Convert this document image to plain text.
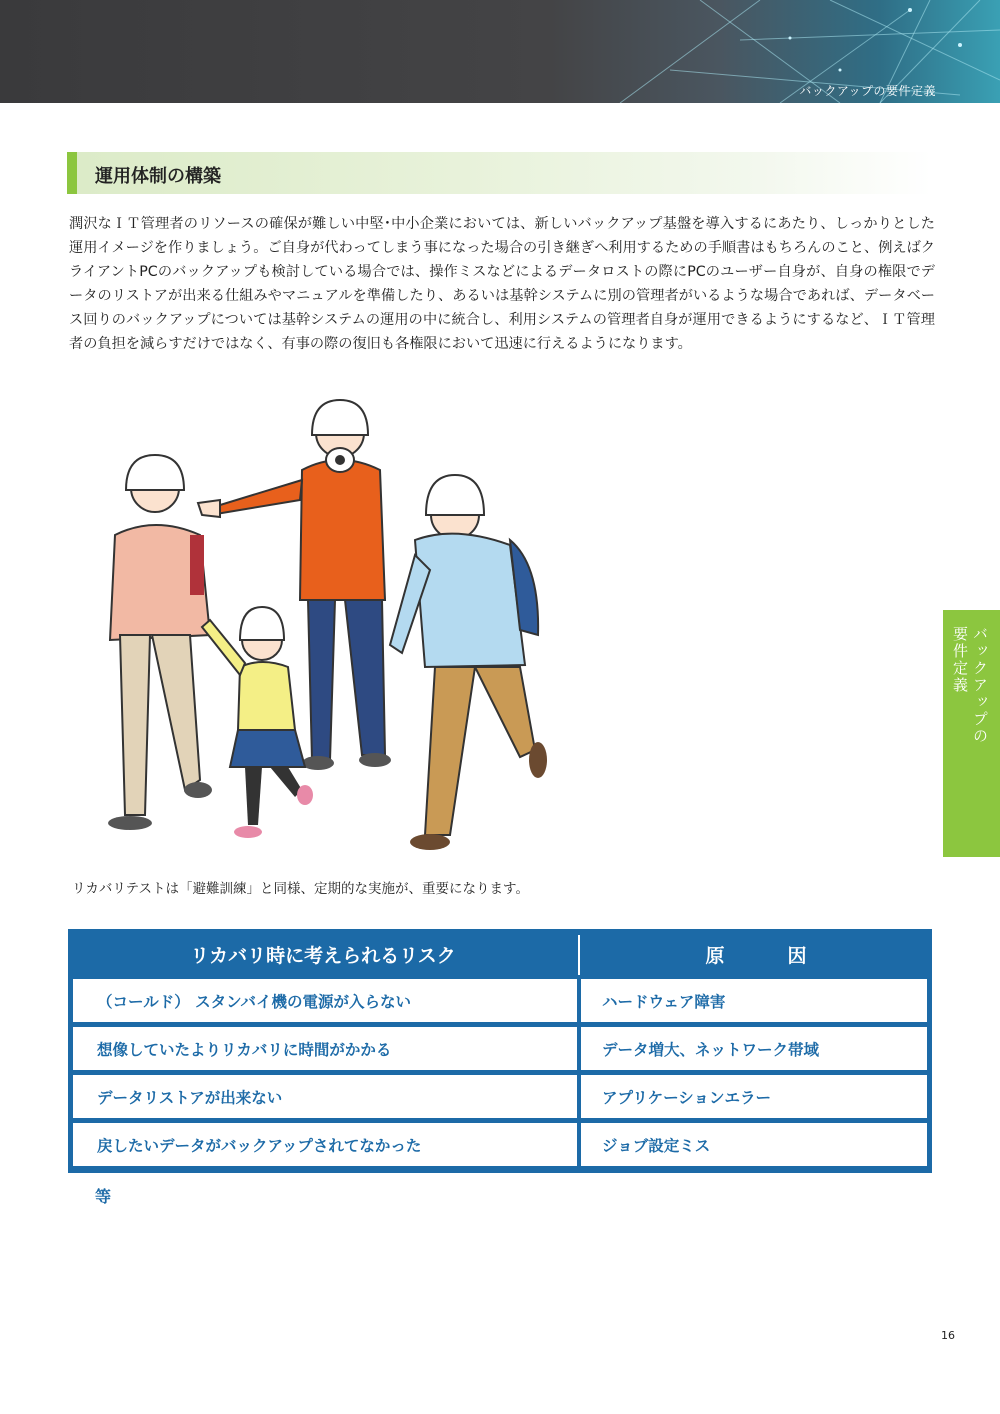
バックアップの要件定義
運用体制の構築
潤沢なＩＴ管理者のリソースの確保が難しい中堅･中小企業においては、新しいバックアップ基盤を導入するにあたり、しっかりとした運用イメージを作りましょう。ご自身が代わってしまう事になった場合の引き継ぎへ利用するための手順書はもちろんのこと、例えばクライアントPCのバックアップも検討している場合では、操作ミスなどによるデータロストの際にPCのユーザー自身が、自身の権限でデータのリストアが出来る仕組みやマニュアルを準備したり、あるいは基幹システムに別の管理者がいるような場合であれば、データベース回りのバックアップについては基幹システムの運用の中に統合し、利用システムの管理者自身が運用できるようにするなど、ＩＴ管理者の負担を減らすだけではなく、有事の際の復旧も各権限において迅速に行えるようになります。
リカバリテストは「避難訓練」と同様、定期的な実施が、重要になります。
バックアップの
要件定義
リカバリ時に考えられるリスク	原　因
（コールド） スタンバイ機の電源が入らない	ハードウェア障害
想像していたよりリカバリに時間がかかる	データ増大、ネットワーク帯域
データリストアが出来ない	アプリケーションエラー
戻したいデータがバックアップされてなかった	ジョブ設定ミス
等
16
